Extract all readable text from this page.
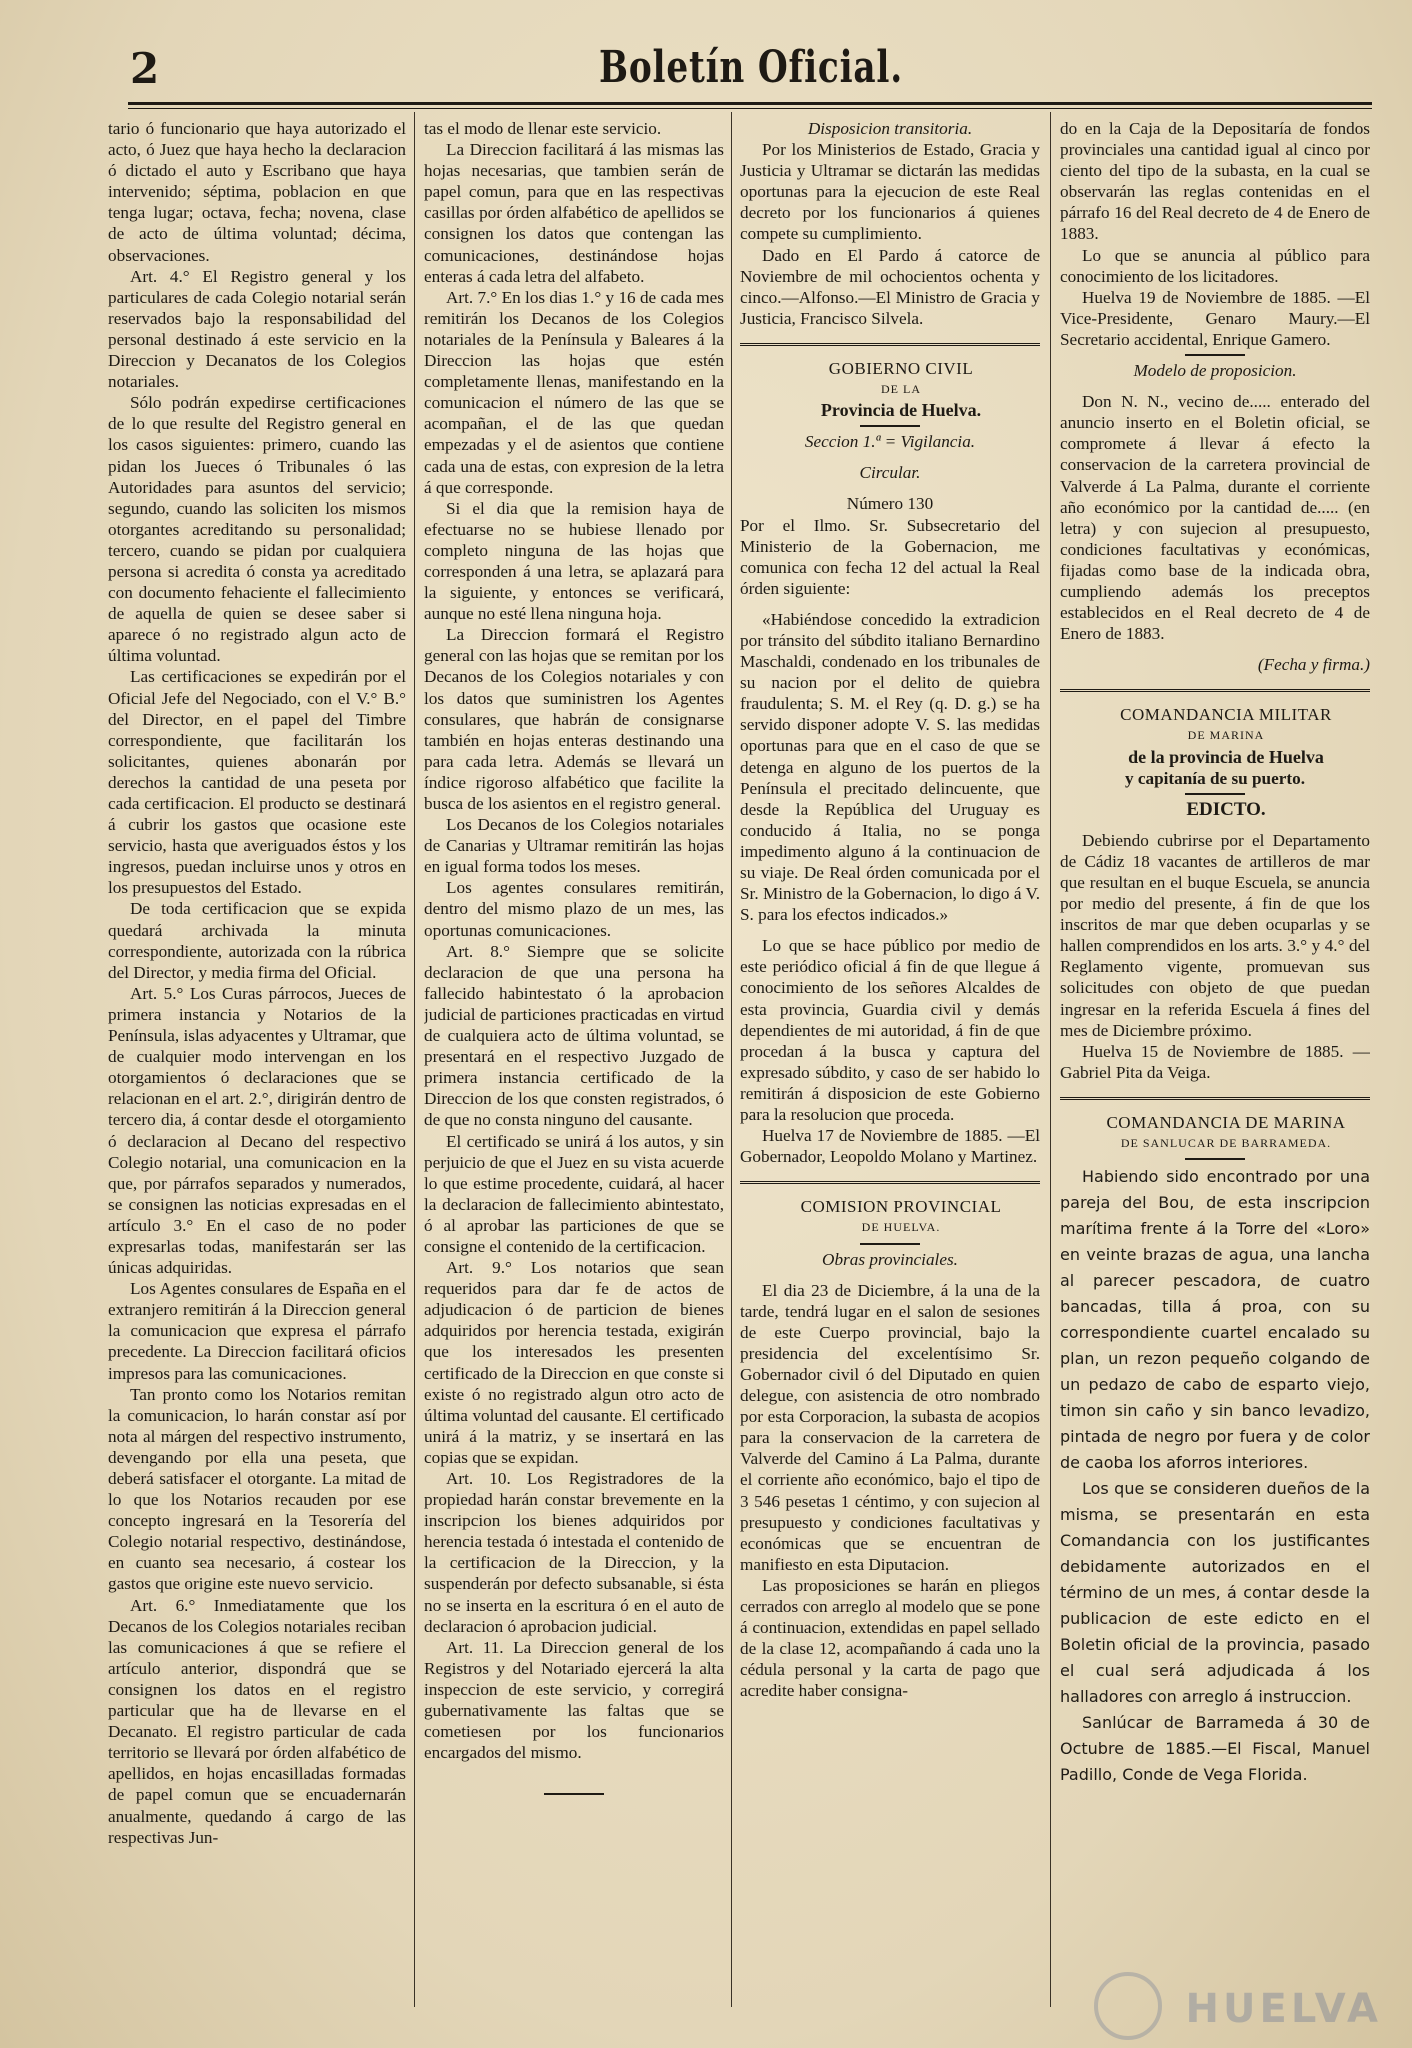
2	Boletín Oficial.

tario ó funcionario que haya autorizado el acto, ó Juez que haya hecho la declaracion ó dictado el auto y Escribano que haya intervenido; séptima, poblacion en que tenga lugar; octava, fecha; novena, clase de acto de última voluntad; décima, observaciones.

Art. 4.° El Registro general y los particulares de cada Colegio notarial serán reservados bajo la responsabilidad del personal destinado á este servicio en la Direccion y Decanatos de los Colegios notariales.

Sólo podrán expedirse certificaciones de lo que resulte del Registro general en los casos siguientes: primero, cuando las pidan los Jueces ó Tribunales ó las Autoridades para asuntos del servicio; segundo, cuando las soliciten los mismos otorgantes acreditando su personalidad; tercero, cuando se pidan por cualquiera persona si acredita ó consta ya acreditado con documento fehaciente el fallecimiento de aquella de quien se desee saber si aparece ó no registrado algun acto de última voluntad.

Las certificaciones se expedirán por el Oficial Jefe del Negociado, con el V.° B.° del Director, en el papel del Timbre correspondiente, que facilitarán los solicitantes, quienes abonarán por derechos la cantidad de una peseta por cada certificacion. El producto se destinará á cubrir los gastos que ocasione este servicio, hasta que averiguados éstos y los ingresos, puedan incluirse unos y otros en los presupuestos del Estado.

De toda certificacion que se expida quedará archivada la minuta correspondiente, autorizada con la rúbrica del Director, y media firma del Oficial.

Art. 5.° Los Curas párrocos, Jueces de primera instancia y Notarios de la Península, islas adyacentes y Ultramar, que de cualquier modo intervengan en los otorgamientos ó declaraciones que se relacionan en el art. 2.°, dirigirán dentro de tercero dia, á contar desde el otorgamiento ó declaracion al Decano del respectivo Colegio notarial, una comunicacion en la que, por párrafos separados y numerados, se consignen las noticias expresadas en el artículo 3.° En el caso de no poder expresarlas todas, manifestarán ser las únicas adquiridas.

Los Agentes consulares de España en el extranjero remitirán á la Direccion general la comunicacion que expresa el párrafo precedente. La Direccion facilitará oficios impresos para las comunicaciones.

Tan pronto como los Notarios remitan la comunicacion, lo harán constar así por nota al márgen del respectivo instrumento, devengando por ella una peseta, que deberá satisfacer el otorgante. La mitad de lo que los Notarios recauden por ese concepto ingresará en la Tesorería del Colegio notarial respectivo, destinándose, en cuanto sea necesario, á costear los gastos que origine este nuevo servicio.

Art. 6.° Inmediatamente que los Decanos de los Colegios notariales reciban las comunicaciones á que se refiere el artículo anterior, dispondrá que se consignen los datos en el registro particular que ha de llevarse en el Decanato. El registro particular de cada territorio se llevará por órden alfabético de apellidos, en hojas encasilladas formadas de papel comun que se encuadernarán anualmente, quedando á cargo de las respectivas Jun-

tas el modo de llenar este servicio.

La Direccion facilitará á las mismas las hojas necesarias, que tambien serán de papel comun, para que en las respectivas casillas por órden alfabético de apellidos se consignen los datos que contengan las comunicaciones, destinándose hojas enteras á cada letra del alfabeto.

Art. 7.° En los dias 1.° y 16 de cada mes remitirán los Decanos de los Colegios notariales de la Península y Baleares á la Direccion las hojas que estén completamente llenas, manifestando en la comunicacion el número de las que se acompañan, el de las que quedan empezadas y el de asientos que contiene cada una de estas, con expresion de la letra á que corresponde.

Si el dia que la remision haya de efectuarse no se hubiese llenado por completo ninguna de las hojas que corresponden á una letra, se aplazará para la siguiente, y entonces se verificará, aunque no esté llena ninguna hoja.

La Direccion formará el Registro general con las hojas que se remitan por los Decanos de los Colegios notariales y con los datos que suministren los Agentes consulares, que habrán de consignarse también en hojas enteras destinando una para cada letra. Además se llevará un índice rigoroso alfabético que facilite la busca de los asientos en el registro general.

Los Decanos de los Colegios notariales de Canarias y Ultramar remitirán las hojas en igual forma todos los meses.

Los agentes consulares remitirán, dentro del mismo plazo de un mes, las oportunas comunicaciones.

Art. 8.° Siempre que se solicite declaracion de que una persona ha fallecido habintestato ó la aprobacion judicial de particiones practicadas en virtud de cualquiera acto de última voluntad, se presentará en el respectivo Juzgado de primera instancia certificado de la Direccion de los que consten registrados, ó de que no consta ninguno del causante.

El certificado se unirá á los autos, y sin perjuicio de que el Juez en su vista acuerde lo que estime procedente, cuidará, al hacer la declaracion de fallecimiento abintestato, ó al aprobar las particiones de que se consigne el contenido de la certificacion.

Art. 9.° Los notarios que sean requeridos para dar fe de actos de adjudicacion ó de particion de bienes adquiridos por herencia testada, exigirán que los interesados les presenten certificado de la Direccion en que conste si existe ó no registrado algun otro acto de última voluntad del causante. El certificado unirá á la matriz, y se insertará en las copias que se expidan.

Art. 10. Los Registradores de la propiedad harán constar brevemente en la inscripcion los bienes adquiridos por herencia testada ó intestada el contenido de la certificacion de la Direccion, y la suspenderán por defecto subsanable, si ésta no se inserta en la escritura ó en el auto de declaracion ó aprobacion judicial.

Art. 11. La Direccion general de los Registros y del Notariado ejercerá la alta inspeccion de este servicio, y corregirá gubernativamente las faltas que se cometiesen por los funcionarios encargados del mismo.

Disposicion transitoria.

Por los Ministerios de Estado, Gracia y Justicia y Ultramar se dictarán las medidas oportunas para la ejecucion de este Real decreto por los funcionarios á quienes compete su cumplimiento.

Dado en El Pardo á catorce de Noviembre de mil ochocientos ochenta y cinco.—Alfonso.—El Ministro de Gracia y Justicia, Francisco Silvela.

GOBIERNO CIVIL

DE LA

Provincia de Huelva.

Seccion 1.ª = Vigilancia.

Circular.

Número 130

Por el Ilmo. Sr. Subsecretario del Ministerio de la Gobernacion, me comunica con fecha 12 del actual la Real órden siguiente:

«Habiéndose concedido la extradicion por tránsito del súbdito italiano Bernardino Maschaldi, condenado en los tribunales de su nacion por el delito de quiebra fraudulenta; S. M. el Rey (q. D. g.) se ha servido disponer adopte V. S. las medidas oportunas para que en el caso de que se detenga en alguno de los puertos de la Península el precitado delincuente, que desde la República del Uruguay es conducido á Italia, no se ponga impedimento alguno á la continuacion de su viaje. De Real órden comunicada por el Sr. Ministro de la Gobernacion, lo digo á V. S. para los efectos indicados.»

Lo que se hace público por medio de este periódico oficial á fin de que llegue á conocimiento de los señores Alcaldes de esta provincia, Guardia civil y demás dependientes de mi autoridad, á fin de que procedan á la busca y captura del expresado súbdito, y caso de ser habido lo remitirán á disposicion de este Gobierno para la resolucion que proceda.

Huelva 17 de Noviembre de 1885. —El Gobernador, Leopoldo Molano y Martinez.

COMISION PROVINCIAL

DE HUELVA.

Obras provinciales.

El dia 23 de Diciembre, á la una de la tarde, tendrá lugar en el salon de sesiones de este Cuerpo provincial, bajo la presidencia del excelentísimo Sr. Gobernador civil ó del Diputado en quien delegue, con asistencia de otro nombrado por esta Corporacion, la subasta de acopios para la conservacion de la carretera de Valverde del Camino á La Palma, durante el corriente año económico, bajo el tipo de 3 546 pesetas 1 céntimo, y con sujecion al presupuesto y condiciones facultativas y económicas que se encuentran de manifiesto en esta Diputacion.

Las proposiciones se harán en pliegos cerrados con arreglo al modelo que se pone á continuacion, extendidas en papel sellado de la clase 12, acompañando á cada uno la cédula personal y la carta de pago que acredite haber consigna-

do en la Caja de la Depositaría de fondos provinciales una cantidad igual al cinco por ciento del tipo de la subasta, en la cual se observarán las reglas contenidas en el párrafo 16 del Real decreto de 4 de Enero de 1883.

Lo que se anuncia al público para conocimiento de los licitadores.

Huelva 19 de Noviembre de 1885. —El Vice-Presidente, Genaro Maury.—El Secretario accidental, Enrique Gamero.

Modelo de proposicion.

Don N. N., vecino de..... enterado del anuncio inserto en el Boletin oficial, se compromete á llevar á efecto la conservacion de la carretera provincial de Valverde á La Palma, durante el corriente año económico por la cantidad de..... (en letra) y con sujecion al presupuesto, condiciones facultativas y económicas, fijadas como base de la indicada obra, cumpliendo además los preceptos establecidos en el Real decreto de 4 de Enero de 1883.

(Fecha y firma.)

COMANDANCIA MILITAR

DE MARINA

de la provincia de Huelva

y capitanía de su puerto.

EDICTO.

Debiendo cubrirse por el Departamento de Cádiz 18 vacantes de artilleros de mar que resultan en el buque Escuela, se anuncia por medio del presente, á fin de que los inscritos de mar que deben ocuparlas y se hallen comprendidos en los arts. 3.° y 4.° del Reglamento vigente, promuevan sus solicitudes con objeto de que puedan ingresar en la referida Escuela á fines del mes de Diciembre próximo.

Huelva 15 de Noviembre de 1885. —Gabriel Pita da Veiga.

COMANDANCIA DE MARINA

DE SANLUCAR DE BARRAMEDA.

Habiendo sido encontrado por una pareja del Bou, de esta inscripcion marítima frente á la Torre del «Loro» en veinte brazas de agua, una lancha al parecer pescadora, de cuatro bancadas, tilla á proa, con su correspondiente cuartel encalado su plan, un rezon pequeño colgando de un pedazo de cabo de esparto viejo, timon sin caño y sin banco levadizo, pintada de negro por fuera y de color de caoba los aforros interiores.

Los que se consideren dueños de la misma, se presentarán en esta Comandancia con los justificantes debidamente autorizados en el término de un mes, á contar desde la publicacion de este edicto en el Boletin oficial de la provincia, pasado el cual será adjudicada á los halladores con arreglo á instruccion.

Sanlúcar de Barrameda á 30 de Octubre de 1885.—El Fiscal, Manuel Padillo, Conde de Vega Florida.

HUELVA
